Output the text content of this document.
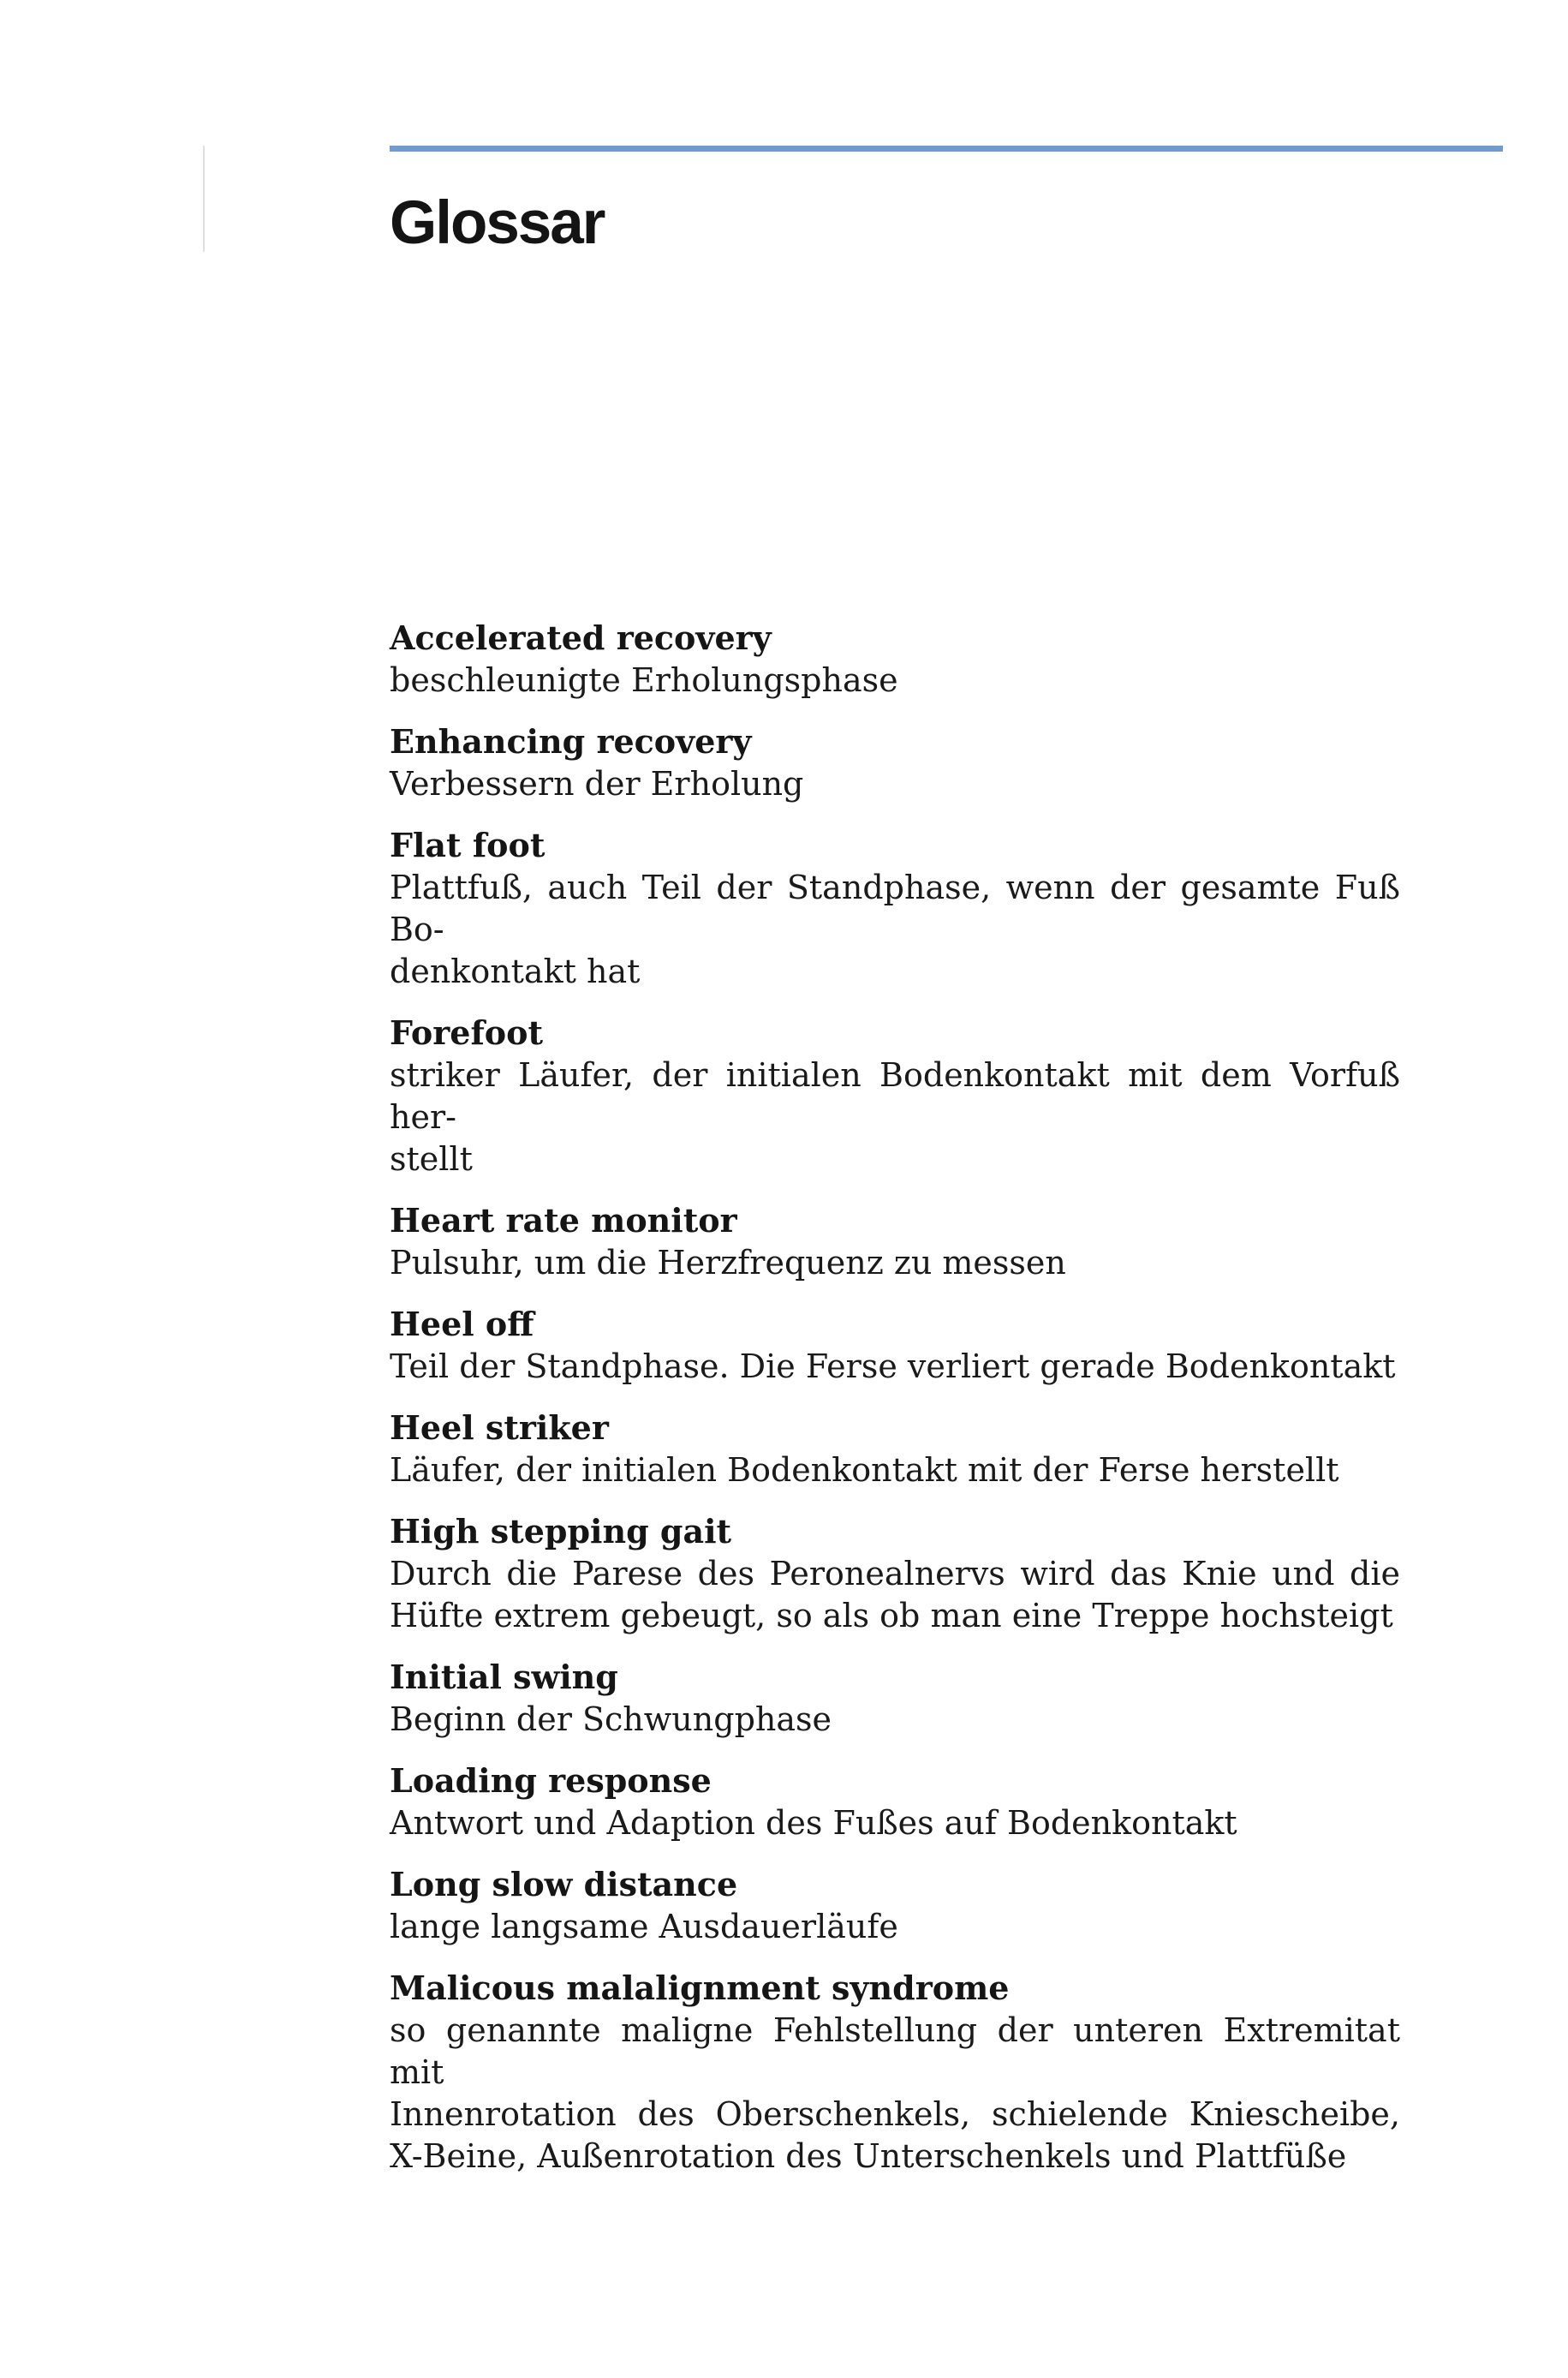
Glossar

Accelerated recovery

beschleunigte Erholungsphase

Enhancing recovery

Verbessern der Erholung

Flat foot

Plattfuß, auch Teil der Standphase, wenn der gesamte Fuß Bo-
denkontakt hat

Forefoot

striker Läufer, der initialen Bodenkontakt mit dem Vorfuß her-
stellt

Heart rate monitor

Pulsuhr, um die Herzfrequenz zu messen

Heel off

Teil der Standphase. Die Ferse verliert gerade Bodenkontakt

Heel striker

Läufer, der initialen Bodenkontakt mit der Ferse herstellt

High stepping gait

Durch die Parese des Peronealnervs wird das Knie und die
Hüfte extrem gebeugt, so als ob man eine Treppe hochsteigt

Initial swing

Beginn der Schwungphase

Loading response

Antwort und Adaption des Fußes auf Bodenkontakt

Long slow distance

lange langsame Ausdauerläufe

Malicous malalignment syndrome

so genannte maligne Fehlstellung der unteren Extremitat mit
Innenrotation des Oberschenkels, schielende Kniescheibe,
X-Beine, Außenrotation des Unterschenkels und Plattfüße
